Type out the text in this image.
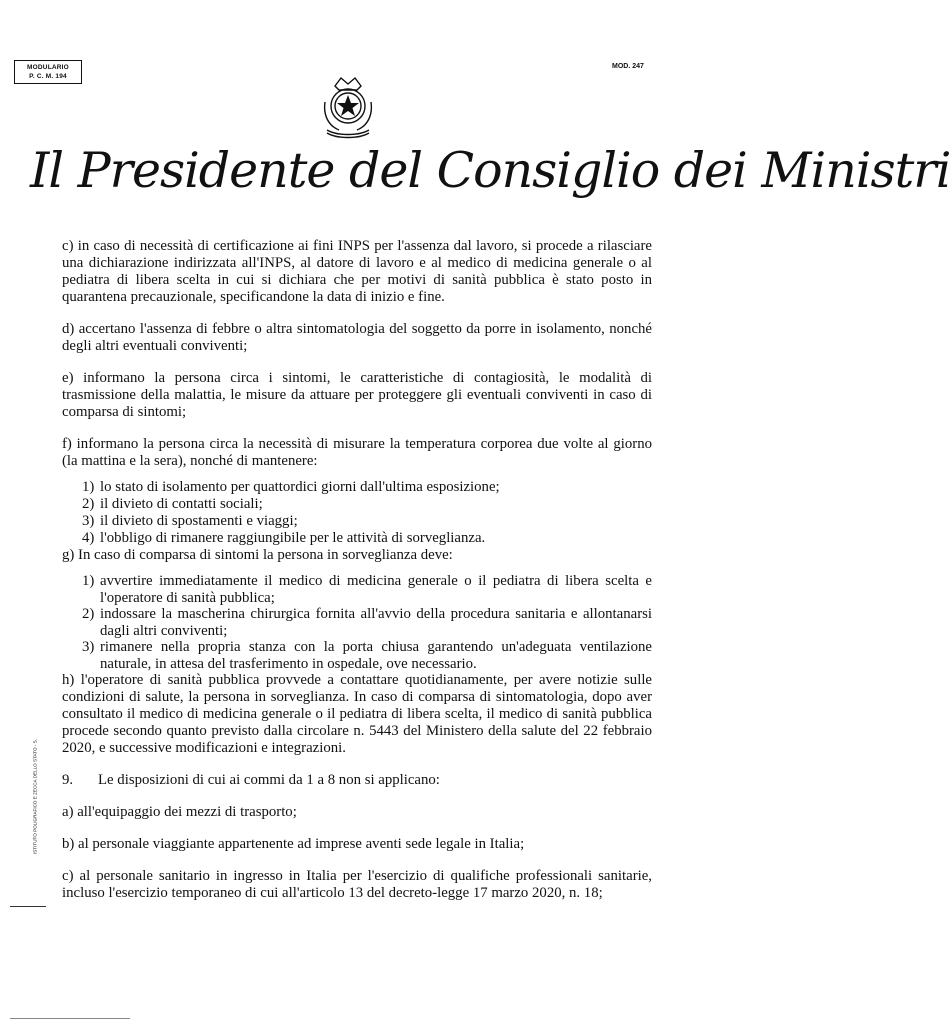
MODULARIO
P. C. M. 194
MOD. 247
Il Presidente del Consiglio dei Ministri
ISTITUTO POLIGRAFICO E ZECCA DELLO STATO - S.

c) in caso di necessità di certificazione ai fini INPS per l'assenza dal lavoro, si procede a rilasciare una dichiarazione indirizzata all'INPS, al datore di lavoro e al medico di medicina generale o al pediatra di libera scelta in cui si dichiara che per motivi di sanità pubblica è stato posto in quarantena precauzionale, specificandone la data di inizio e fine.

d) accertano l'assenza di febbre o altra sintomatologia del soggetto da porre in isolamento, nonché degli altri eventuali conviventi;

e) informano la persona circa i sintomi, le caratteristiche di contagiosità, le modalità di trasmissione della malattia, le misure da attuare per proteggere gli eventuali conviventi in caso di comparsa di sintomi;

f) informano la persona circa la necessità di misurare la temperatura corporea due volte al giorno (la mattina e la sera), nonché di mantenere:

1) lo stato di isolamento per quattordici giorni dall'ultima esposizione;
2) il divieto di contatti sociali;
3) il divieto di spostamenti e viaggi;
4) l'obbligo di rimanere raggiungibile per le attività di sorveglianza.

g) In caso di comparsa di sintomi la persona in sorveglianza deve:

1) avvertire immediatamente il medico di medicina generale o il pediatra di libera scelta e l'operatore di sanità pubblica;
2) indossare la mascherina chirurgica fornita all'avvio della procedura sanitaria e allontanarsi dagli altri conviventi;
3) rimanere nella propria stanza con la porta chiusa garantendo un'adeguata ventilazione naturale, in attesa del trasferimento in ospedale, ove necessario.

h) l'operatore di sanità pubblica provvede a contattare quotidianamente, per avere notizie sulle condizioni di salute, la persona in sorveglianza. In caso di comparsa di sintomatologia, dopo aver consultato il medico di medicina generale o il pediatra di libera scelta, il medico di sanità pubblica procede secondo quanto previsto dalla circolare n. 5443 del Ministero della salute del 22 febbraio 2020, e successive modificazioni e integrazioni.

9. Le disposizioni di cui ai commi da 1 a 8 non si applicano:

a) all'equipaggio dei mezzi di trasporto;

b) al personale viaggiante appartenente ad imprese aventi sede legale in Italia;

c) al personale sanitario in ingresso in Italia per l'esercizio di qualifiche professionali sanitarie, incluso l'esercizio temporaneo di cui all'articolo 13 del decreto-legge 17 marzo 2020, n. 18;
